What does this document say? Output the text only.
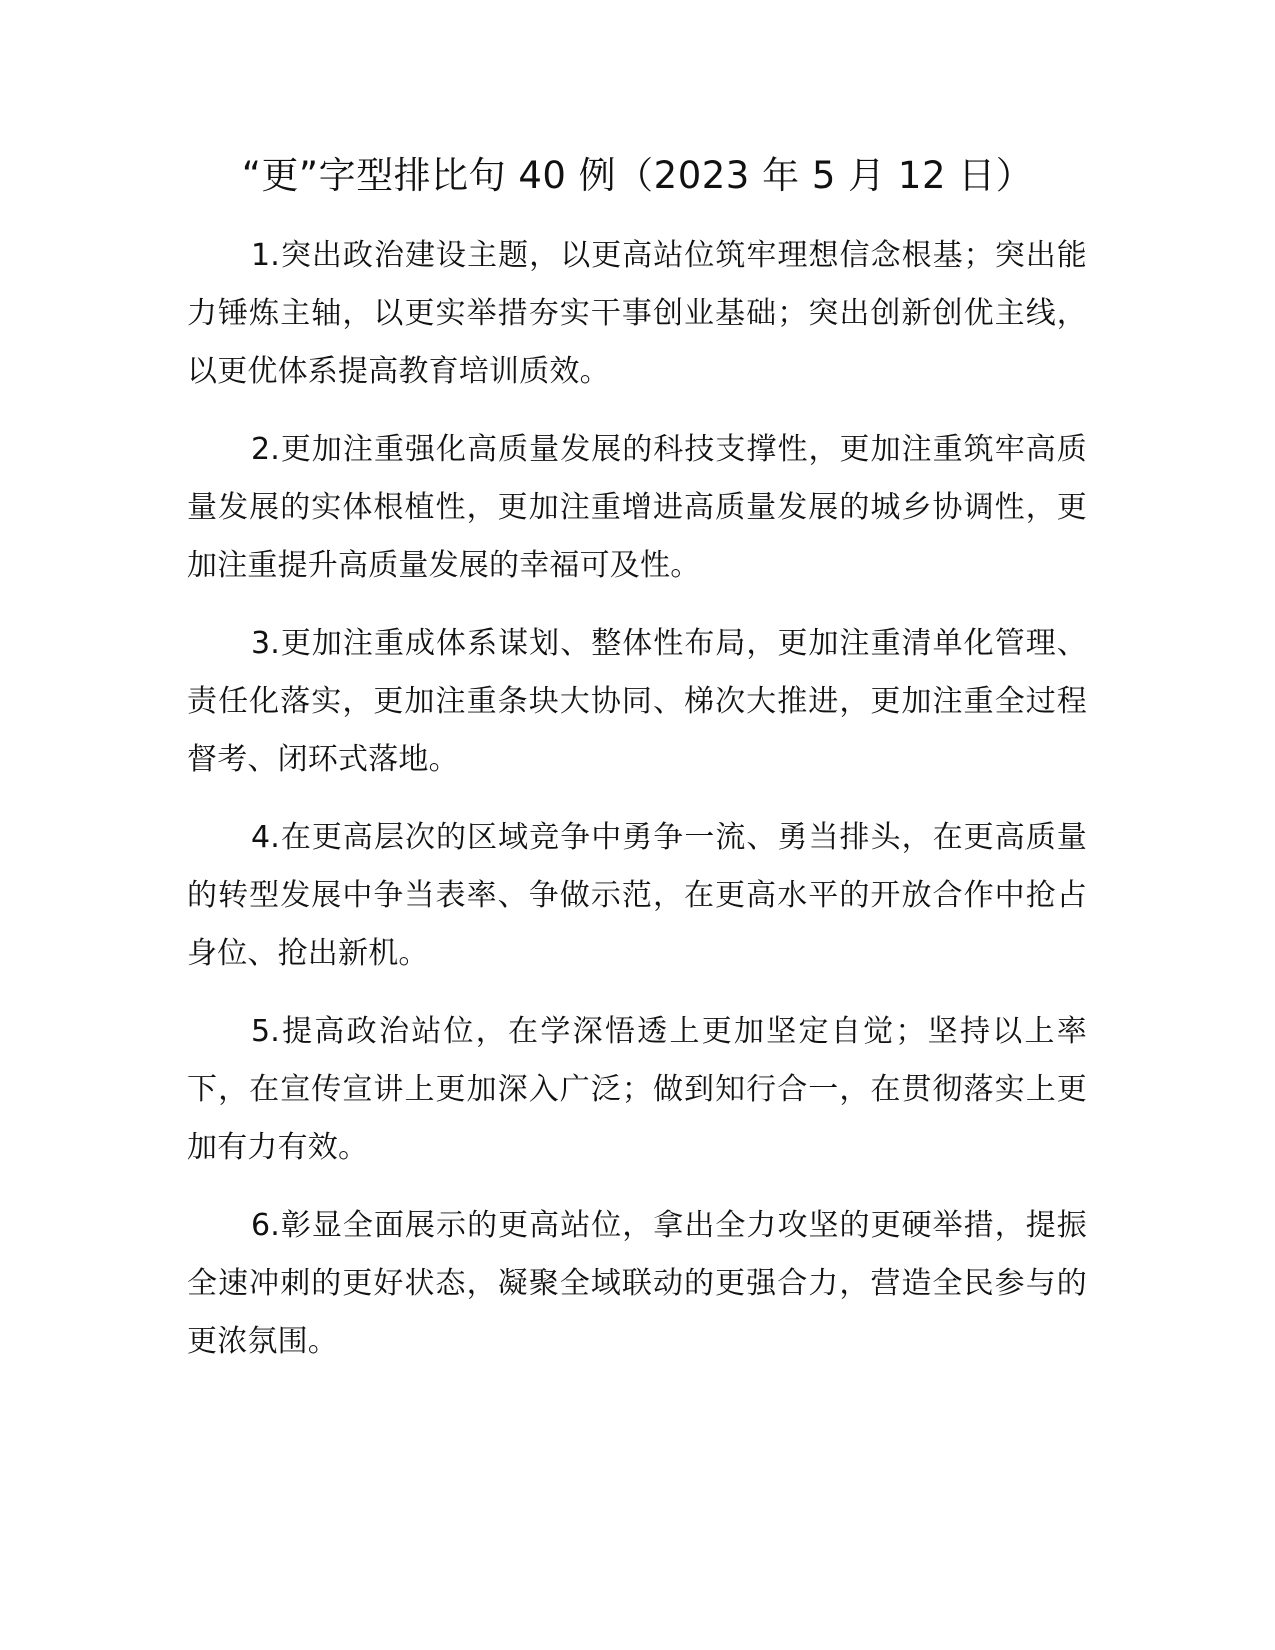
“更”字型排比句 40 例（2023 年 5 月 12 日）

1.突出政治建设主题，以更高站位筑牢理想信念根基；突出能力锤炼主轴，以更实举措夯实干事创业基础；突出创新创优主线，以更优体系提高教育培训质效。

2.更加注重强化高质量发展的科技支撑性，更加注重筑牢高质量发展的实体根植性，更加注重增进高质量发展的城乡协调性，更加注重提升高质量发展的幸福可及性。

3.更加注重成体系谋划、整体性布局，更加注重清单化管理、责任化落实，更加注重条块大协同、梯次大推进，更加注重全过程督考、闭环式落地。

4.在更高层次的区域竞争中勇争一流、勇当排头，在更高质量的转型发展中争当表率、争做示范，在更高水平的开放合作中抢占身位、抢出新机。

5.提高政治站位，在学深悟透上更加坚定自觉；坚持以上率下，在宣传宣讲上更加深入广泛；做到知行合一，在贯彻落实上更加有力有效。

6.彰显全面展示的更高站位，拿出全力攻坚的更硬举措，提振全速冲刺的更好状态，凝聚全域联动的更强合力，营造全民参与的更浓氛围。
